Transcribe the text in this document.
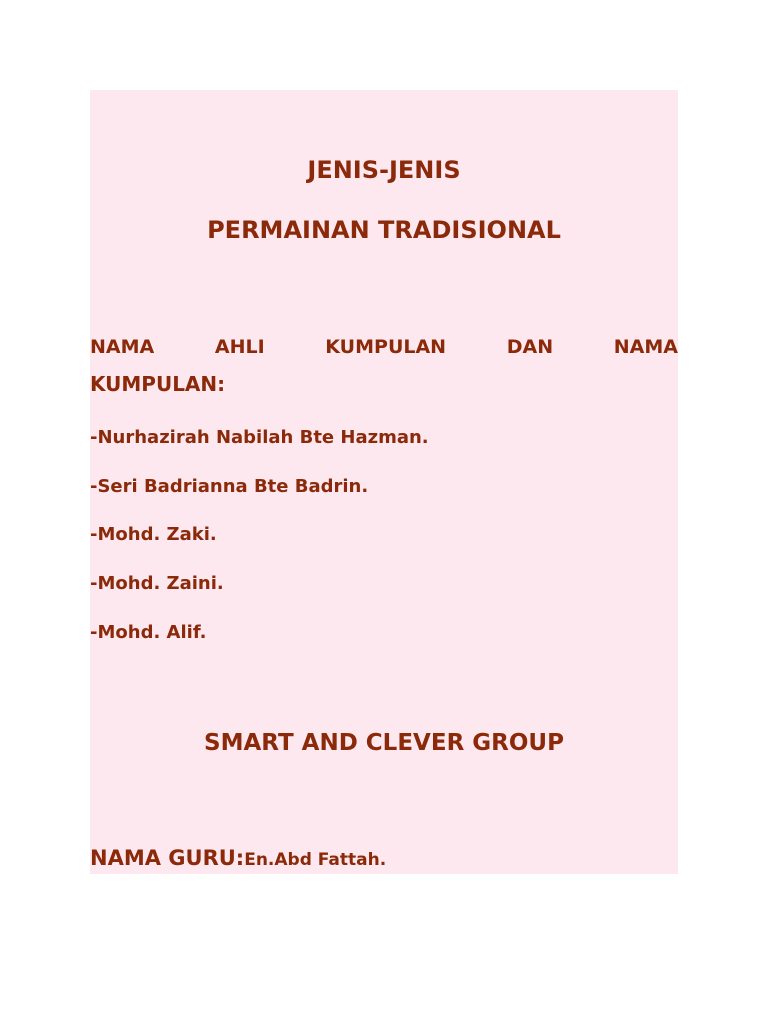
JENIS-JENIS
PERMAINAN TRADISIONAL
NAMA	AHLI	KUMPULAN	DAN	NAMA
KUMPULAN:
-Nurhazirah Nabilah Bte Hazman.
-Seri Badrianna Bte Badrin.
-Mohd. Zaki.
-Mohd. Zaini.
-Mohd. Alif.
SMART AND CLEVER GROUP
NAMA GURU:En.Abd Fattah.
